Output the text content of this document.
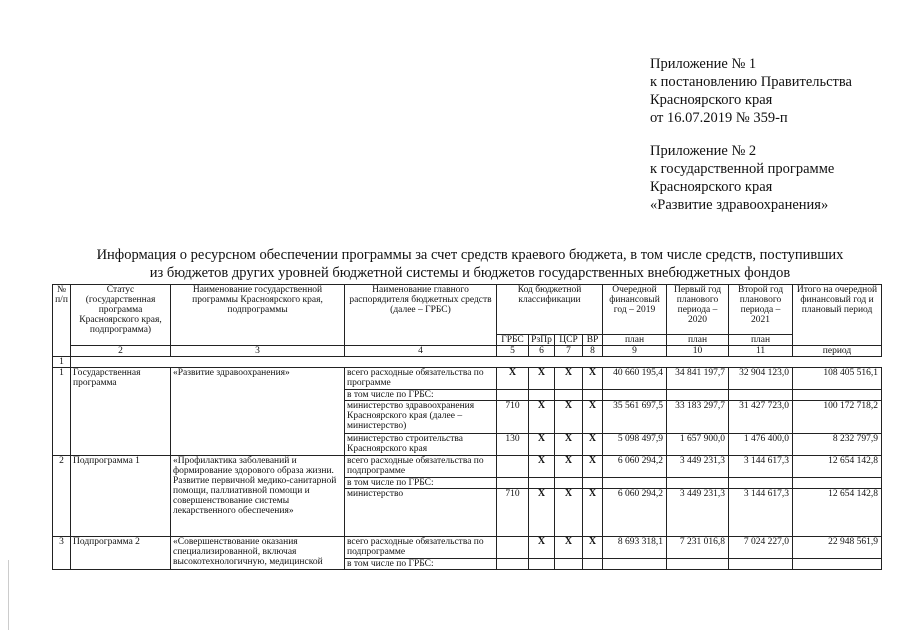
Приложение № 1
к постановлению Правительства
Красноярского края
от 16.07.2019 № 359-п
Приложение № 2
к государственной программе
Красноярского края
«Развитие здравоохранения»
Информация о ресурсном обеспечении программы за счет средств краевого бюджета, в том числе средств, поступивших
из бюджетов других уровней бюджетной системы и бюджетов государственных внебюджетных фондов
№ п/п	Статус (государственная программа Красноярского края, подпрограмма)	Наименование государственной программы Красноярского края, подпрограммы	Наименование главного распорядителя бюджетных средств (далее – ГРБС)	Код бюджетной классификации				Очередной финансовый год – 2019	Первый год планового периода – 2020	Второй год планового периода – 2021	Итого на очередной финансовый год и плановый период
				ГРБС	РзПр	ЦСР	ВР	план	план	план	
	2	3	4	5	6	7	8	9	10	11	период
1										
1	Государственная программа	«Развитие здравоохранения»	всего расходные обязательства по программе	X	X	X	X	40 660 195,4	34 841 197,7	32 904 123,0	108 405 516,1
			в том числе по ГРБС:								
			министерство здравоохранения Красноярского края (далее – министерство)	710	X	X	X	35 561 697,5	33 183 297,7	31 427 723,0	100 172 718,2
			министерство строительства Красноярского края	130	X	X	X	5 098 497,9	1 657 900,0	1 476 400,0	8 232 797,9
2	Подпрограмма 1	«Профилактика заболеваний и формирование здорового образа жизни. Развитие первичной медико-санитарной помощи, паллиативной помощи и совершенствование системы лекарственного обеспечения»	всего расходные обязательства по подпрограмме		X	X	X	6 060 294,2	3 449 231,3	3 144 617,3	12 654 142,8
			в том числе по ГРБС:								
			министерство	710	X	X	X	6 060 294,2	3 449 231,3	3 144 617,3	12 654 142,8
3	Подпрограмма 2	«Совершенствование оказания специализированной, включая высокотехнологичную, медицинской	всего расходные обязательства по подпрограмме		X	X	X	8 693 318,1	7 231 016,8	7 024 227,0	22 948 561,9
			в том числе по ГРБС:								
